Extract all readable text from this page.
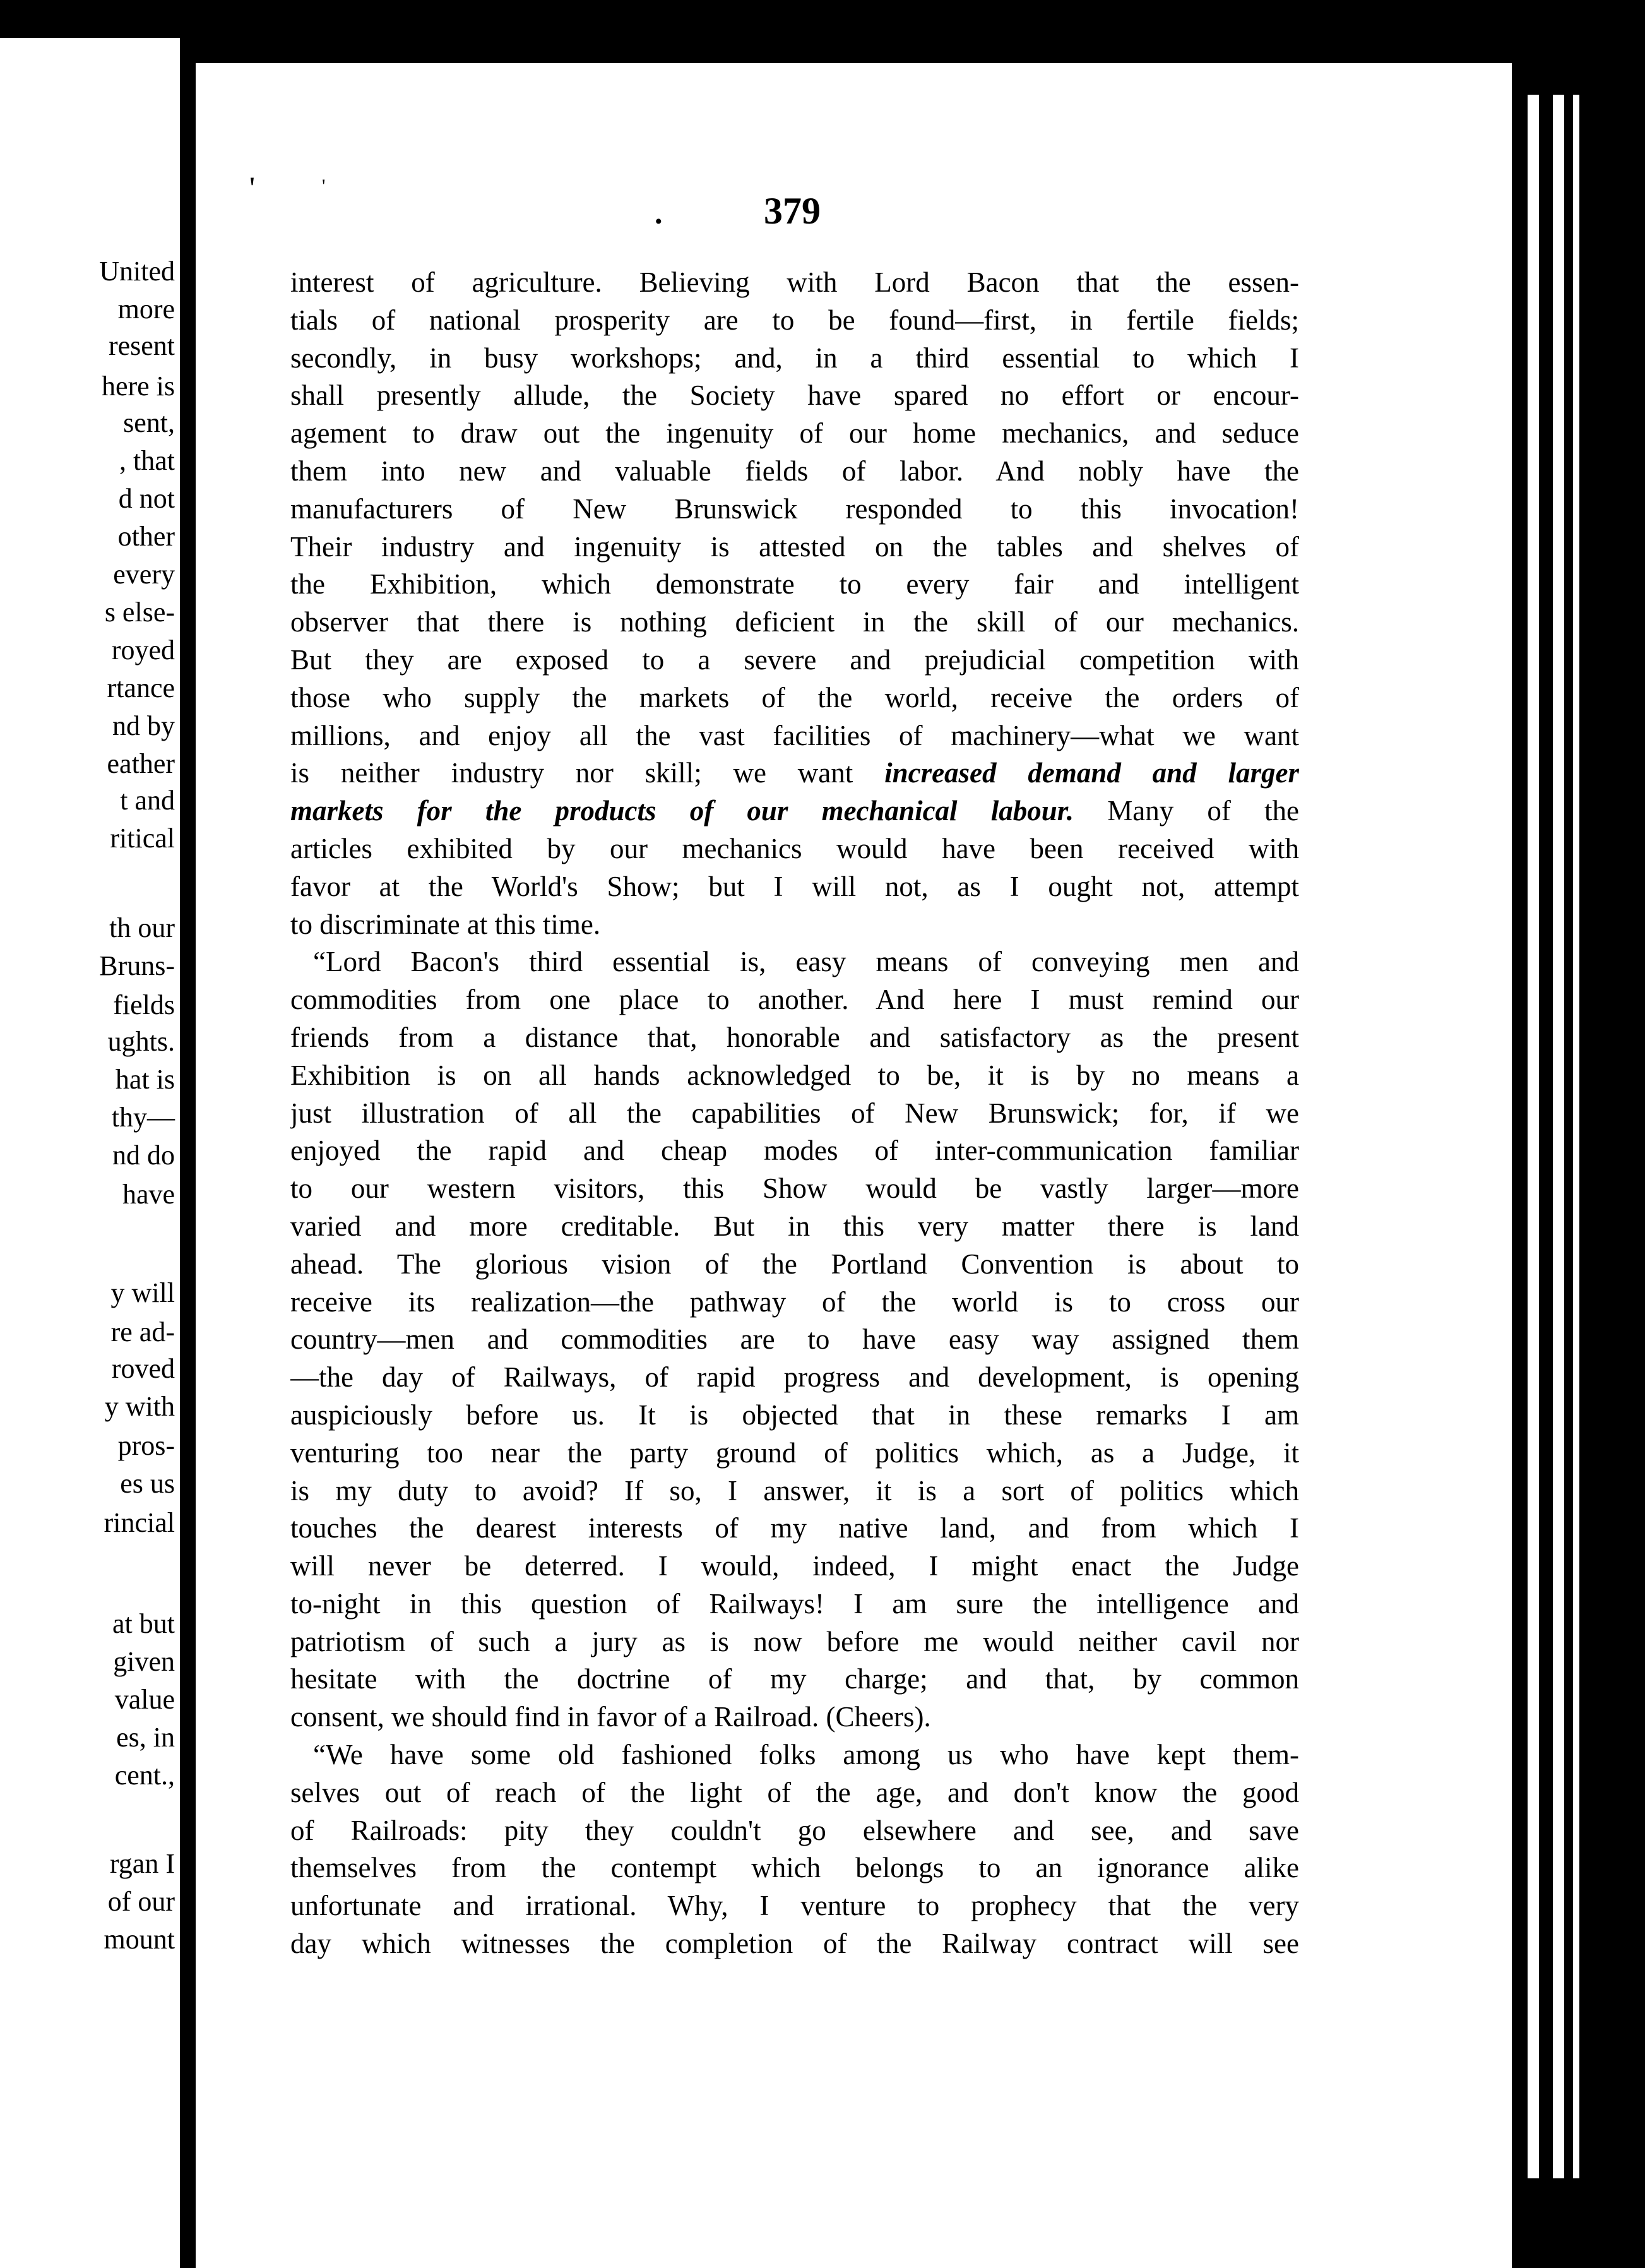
United
more
resent
here is
sent,
, that
d not
other
every
s else-
royed
rtance
nd by
eather
t and
ritical
th our
Bruns-
fields
ughts.
hat is
thy—
nd do
have
y will
re ad-
roved
y with
pros-
es us
rincial
at but
given
value
es, in
cent.,
rgan I
of our
mount
'	'
.	379
interest of agriculture. Believing with Lord Bacon that the essen-
tials of national prosperity are to be found—first, in fertile fields;
secondly, in busy workshops; and, in a third essential to which I
shall presently allude, the Society have spared no effort or encour-
agement to draw out the ingenuity of our home mechanics, and seduce
them into new and valuable fields of labor. And nobly have the
manufacturers of New Brunswick responded to this invocation!
Their industry and ingenuity is attested on the tables and shelves of
the Exhibition, which demonstrate to every fair and intelligent
observer that there is nothing deficient in the skill of our mechanics.
But they are exposed to a severe and prejudicial competition with
those who supply the markets of the world, receive the orders of
millions, and enjoy all the vast facilities of machinery—what we want
is neither industry nor skill; we want increased demand and larger
markets for the products of our mechanical labour. Many of the
articles exhibited by our mechanics would have been received with
favor at the World's Show; but I will not, as I ought not, attempt
to discriminate at this time.
“Lord Bacon's third essential is, easy means of conveying men and
commodities from one place to another. And here I must remind our
friends from a distance that, honorable and satisfactory as the present
Exhibition is on all hands acknowledged to be, it is by no means a
just illustration of all the capabilities of New Brunswick; for, if we
enjoyed the rapid and cheap modes of inter-communication familiar
to our western visitors, this Show would be vastly larger—more
varied and more creditable. But in this very matter there is land
ahead. The glorious vision of the Portland Convention is about to
receive its realization—the pathway of the world is to cross our
country—men and commodities are to have easy way assigned them
—the day of Railways, of rapid progress and development, is opening
auspiciously before us. It is objected that in these remarks I am
venturing too near the party ground of politics which, as a Judge, it
is my duty to avoid? If so, I answer, it is a sort of politics which
touches the dearest interests of my native land, and from which I
will never be deterred. I would, indeed, I might enact the Judge
to-night in this question of Railways! I am sure the intelligence and
patriotism of such a jury as is now before me would neither cavil nor
hesitate with the doctrine of my charge; and that, by common
consent, we should find in favor of a Railroad. (Cheers).
“We have some old fashioned folks among us who have kept them-
selves out of reach of the light of the age, and don't know the good
of Railroads: pity they couldn't go elsewhere and see, and save
themselves from the contempt which belongs to an ignorance alike
unfortunate and irrational. Why, I venture to prophecy that the very
day which witnesses the completion of the Railway contract will see
